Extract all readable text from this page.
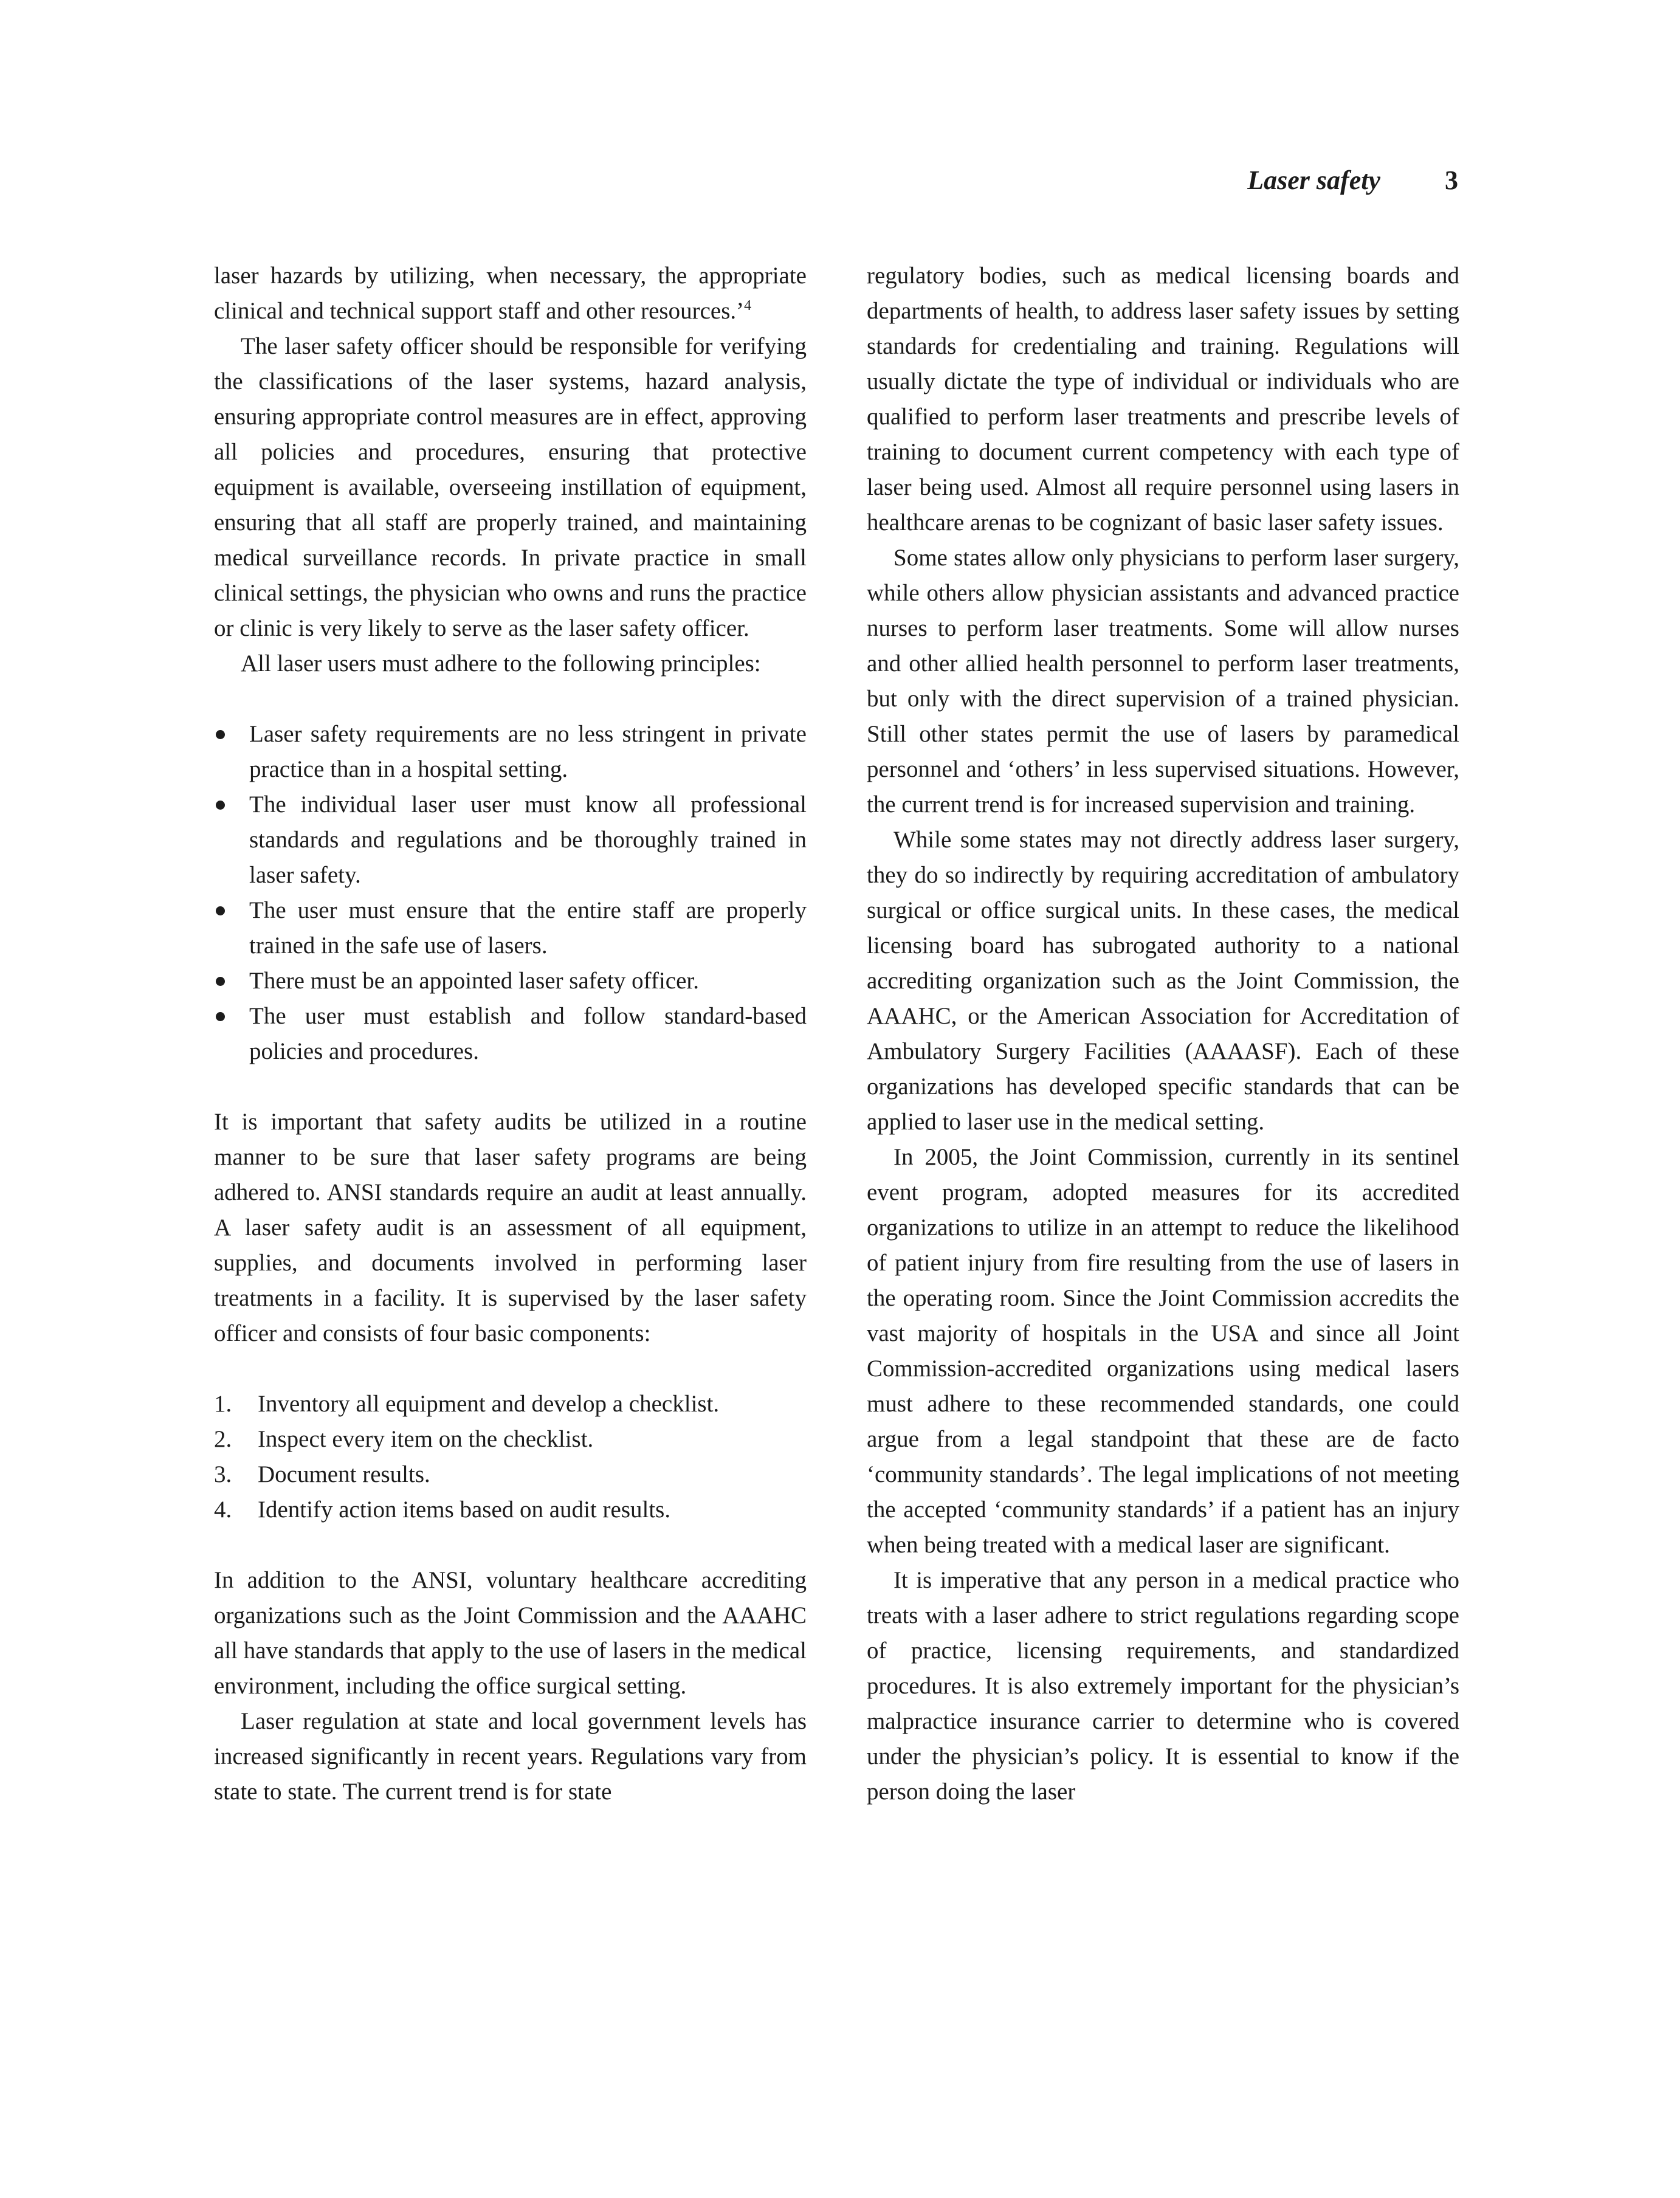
Laser safety 3

laser hazards by utilizing, when necessary, the appropriate clinical and technical support staff and other resources.’$^4$

The laser safety officer should be responsible for verifying the classifications of the laser systems, hazard analysis, ensuring appropriate control measures are in effect, approving all policies and procedures, ensuring that protective equipment is available, overseeing instillation of equipment, ensuring that all staff are properly trained, and maintaining medical surveillance records. In private practice in small clinical settings, the physician who owns and runs the practice or clinic is very likely to serve as the laser safety officer.

All laser users must adhere to the following principles:

Laser safety requirements are no less stringent in private practice than in a hospital setting.
The individual laser user must know all professional standards and regulations and be thoroughly trained in laser safety.
The user must ensure that the entire staff are properly trained in the safe use of lasers.
There must be an appointed laser safety officer.
The user must establish and follow standard-based policies and procedures.

It is important that safety audits be utilized in a routine manner to be sure that laser safety programs are being adhered to. ANSI standards require an audit at least annually. A laser safety audit is an assessment of all equipment, supplies, and documents involved in performing laser treatments in a facility. It is supervised by the laser safety officer and consists of four basic components:

1. Inventory all equipment and develop a checklist.
2. Inspect every item on the checklist.
3. Document results.
4. Identify action items based on audit results.

In addition to the ANSI, voluntary healthcare accrediting organizations such as the Joint Commission and the AAAHC all have standards that apply to the use of lasers in the medical environment, including the office surgical setting.

Laser regulation at state and local government levels has increased significantly in recent years. Regulations vary from state to state. The current trend is for state

regulatory bodies, such as medical licensing boards and departments of health, to address laser safety issues by setting standards for credentialing and training. Regulations will usually dictate the type of individual or individuals who are qualified to perform laser treatments and prescribe levels of training to document current competency with each type of laser being used. Almost all require personnel using lasers in healthcare arenas to be cognizant of basic laser safety issues.

Some states allow only physicians to perform laser surgery, while others allow physician assistants and advanced practice nurses to perform laser treatments. Some will allow nurses and other allied health personnel to perform laser treatments, but only with the direct supervision of a trained physician. Still other states permit the use of lasers by paramedical personnel and ‘others’ in less supervised situations. However, the current trend is for increased supervision and training.

While some states may not directly address laser surgery, they do so indirectly by requiring accreditation of ambulatory surgical or office surgical units. In these cases, the medical licensing board has subrogated authority to a national accrediting organization such as the Joint Commission, the AAAHC, or the American Association for Accreditation of Ambulatory Surgery Facilities (AAAASF). Each of these organizations has developed specific standards that can be applied to laser use in the medical setting.

In 2005, the Joint Commission, currently in its sentinel event program, adopted measures for its accredited organizations to utilize in an attempt to reduce the likelihood of patient injury from fire resulting from the use of lasers in the operating room. Since the Joint Commission accredits the vast majority of hospitals in the USA and since all Joint Commission-accredited organizations using medical lasers must adhere to these recommended standards, one could argue from a legal standpoint that these are de facto ‘community standards’. The legal implications of not meeting the accepted ‘community standards’ if a patient has an injury when being treated with a medical laser are significant.

It is imperative that any person in a medical practice who treats with a laser adhere to strict regulations regarding scope of practice, licensing requirements, and standardized procedures. It is also extremely important for the physician’s malpractice insurance carrier to determine who is covered under the physician’s policy. It is essential to know if the person doing the laser
